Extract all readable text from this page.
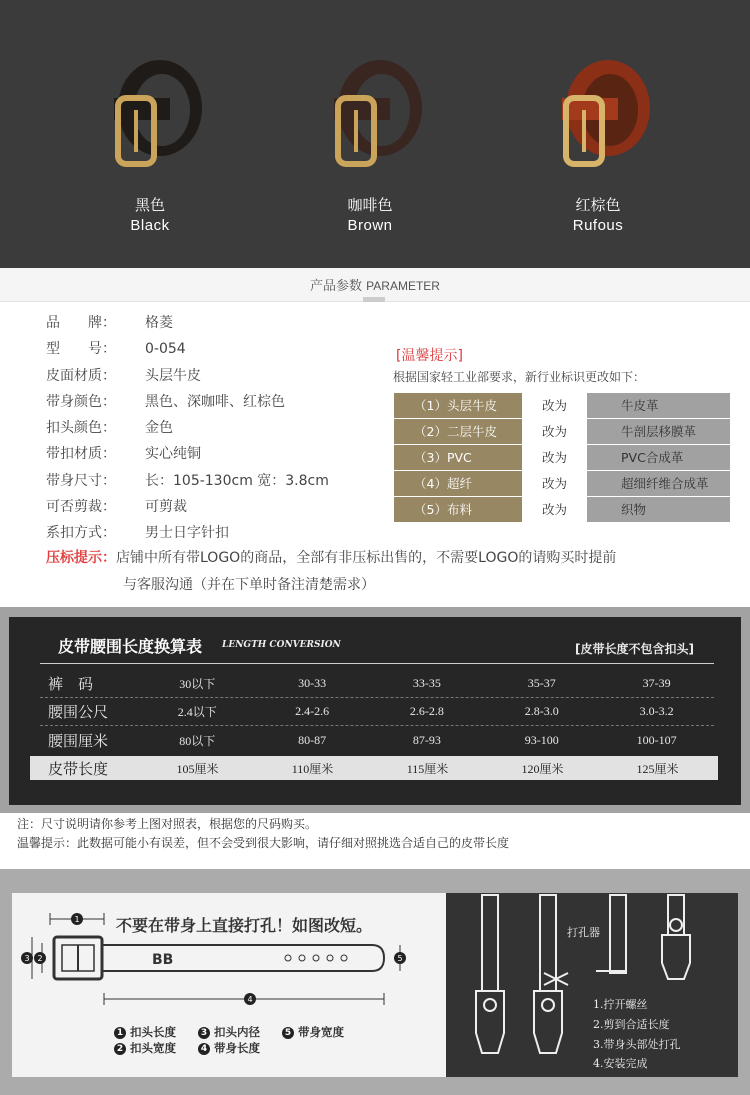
黑色
Black
咖啡色
Brown
红棕色
Rufous
产品参数 PARAMETER
品　　牌： 格菱
型　　号： 0-054
皮面材质： 头层牛皮
带身颜色： 黑色、深咖啡、红棕色
扣头颜色： 金色
带扣材质： 实心纯铜
带身尺寸： 长：105-130cm 宽：3.8cm
可否剪裁： 可剪裁
系扣方式： 男士日字针扣
压标提示：店铺中所有带LOGO的商品，全部有非压标出售的，不需要LOGO的请购买时提前
与客服沟通（并在下单时备注清楚需求）
[温馨提示]
根据国家轻工业部要求，新行业标识更改如下：
（1）头层牛皮	改为	牛皮革
（2）二层牛皮	改为	牛剖层移膜革
（3）PVC	改为	PVC合成革
（4）超纤	改为	超细纤维合成革
（5）布料	改为	织物
皮带腰围长度换算表 LENGTH CONVERSION	[皮带长度不包含扣头]
裤　码	30以下	30-33	33-35	35-37	37-39
腰围公尺	2.4以下	2.4-2.6	2.6-2.8	2.8-3.0	3.0-3.2
腰围厘米	80以下	80-87	87-93	93-100	100-107
皮带长度	105厘米	110厘米	115厘米	120厘米	125厘米
注：尺寸说明请你参考上图对照表，根据您的尺码购买。
温馨提示：此数据可能小有误差，但不会受到很大影响，请仔细对照挑选合适自己的皮带长度
不要在带身上直接打孔！如图改短。
1
3 2	BB	5
4
1 扣头长度	3 扣头内径	5 带身宽度
2 扣头宽度	4 带身长度
打孔器
1.拧开螺丝
2.剪到合适长度
3.带身头部处打孔
4.安装完成
